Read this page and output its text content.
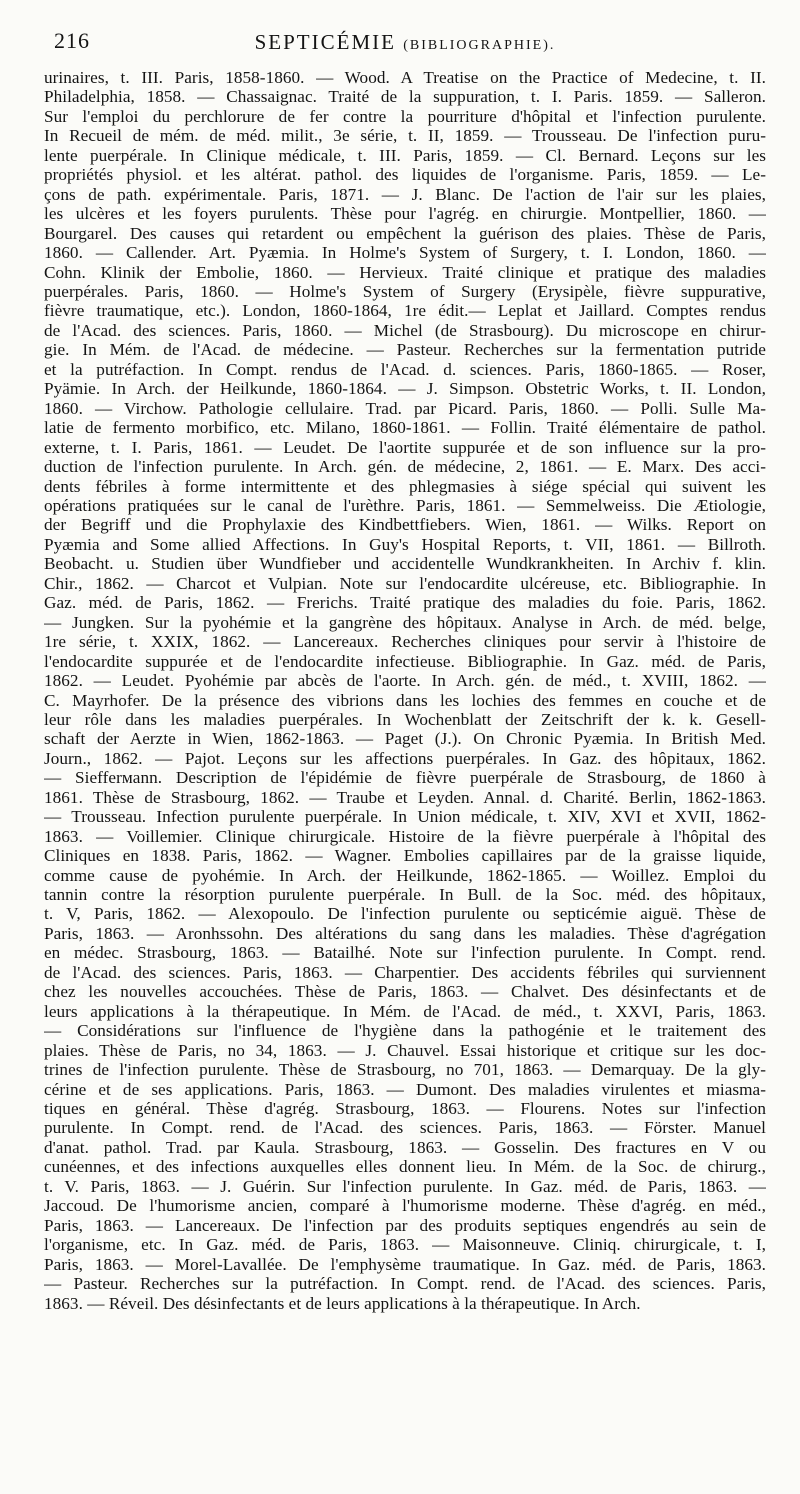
216	SEPTICÉMIE (BIBLIOGRAPHIE).
urinaires, t. III. Paris, 1858-1860. — Wood. A Treatise on the Practice of Medecine, t. II.
Philadelphia, 1858. — Chassaignac. Traité de la suppuration, t. I. Paris. 1859. — Salleron.
Sur l'emploi du perchlorure de fer contre la pourriture d'hôpital et l'infection purulente.
In Recueil de mém. de méd. milit., 3e série, t. II, 1859. — Trousseau. De l'infection puru-
lente puerpérale. In Clinique médicale, t. III. Paris, 1859. — Cl. Bernard. Leçons sur les
propriétés physiol. et les altérat. pathol. des liquides de l'organisme. Paris, 1859. — Le-
çons de path. expérimentale. Paris, 1871. — J. Blanc. De l'action de l'air sur les plaies,
les ulcères et les foyers purulents. Thèse pour l'agrég. en chirurgie. Montpellier, 1860. —
Bourgarel. Des causes qui retardent ou empêchent la guérison des plaies. Thèse de Paris,
1860. — Callender. Art. Pyæmia. In Holme's System of Surgery, t. I. London, 1860. —
Cohn. Klinik der Embolie, 1860. — Hervieux. Traité clinique et pratique des maladies
puerpérales. Paris, 1860. — Holme's System of Surgery (Erysipèle, fièvre suppurative,
fièvre traumatique, etc.). London, 1860-1864, 1re édit.— Leplat et Jaillard. Comptes rendus
de l'Acad. des sciences. Paris, 1860. — Michel (de Strasbourg). Du microscope en chirur-
gie. In Mém. de l'Acad. de médecine. — Pasteur. Recherches sur la fermentation putride
et la putréfaction. In Compt. rendus de l'Acad. d. sciences. Paris, 1860-1865. — Roser,
Pyämie. In Arch. der Heilkunde, 1860-1864. — J. Simpson. Obstetric Works, t. II. London,
1860. — Virchow. Pathologie cellulaire. Trad. par Picard. Paris, 1860. — Polli. Sulle Ma-
latie de fermento morbifico, etc. Milano, 1860-1861. — Follin. Traité élémentaire de pathol.
externe, t. I. Paris, 1861. — Leudet. De l'aortite suppurée et de son influence sur la pro-
duction de l'infection purulente. In Arch. gén. de médecine, 2, 1861. — E. Marx. Des acci-
dents fébriles à forme intermittente et des phlegmasies à siége spécial qui suivent les
opérations pratiquées sur le canal de l'urèthre. Paris, 1861. — Semmelweiss. Die Ætiologie,
der Begriff und die Prophylaxie des Kindbettfiebers. Wien, 1861. — Wilks. Report on
Pyæmia and Some allied Affections. In Guy's Hospital Reports, t. VII, 1861. — Billroth.
Beobacht. u. Studien über Wundfieber und accidentelle Wundkrankheiten. In Archiv f. klin.
Chir., 1862. — Charcot et Vulpian. Note sur l'endocardite ulcéreuse, etc. Bibliographie. In
Gaz. méd. de Paris, 1862. — Frerichs. Traité pratique des maladies du foie. Paris, 1862.
— Jungken. Sur la pyohémie et la gangrène des hôpitaux. Analyse in Arch. de méd. belge,
1re série, t. XXIX, 1862. — Lancereaux. Recherches cliniques pour servir à l'histoire de
l'endocardite suppurée et de l'endocardite infectieuse. Bibliographie. In Gaz. méd. de Paris,
1862. — Leudet. Pyohémie par abcès de l'aorte. In Arch. gén. de méd., t. XVIII, 1862. —
C. Mayrhofer. De la présence des vibrions dans les lochies des femmes en couche et de
leur rôle dans les maladies puerpérales. In Wochenblatt der Zeitschrift der k. k. Gesell-
schaft der Aerzte in Wien, 1862-1863. — Paget (J.). On Chronic Pyæmia. In British Med.
Journ., 1862. — Pajot. Leçons sur les affections puerpérales. In Gaz. des hôpitaux, 1862.
— Siefferмann. Description de l'épidémie de fièvre puerpérale de Strasbourg, de 1860 à
1861. Thèse de Strasbourg, 1862. — Traube et Leyden. Annal. d. Charité. Berlin, 1862-1863.
— Trousseau. Infection purulente puerpérale. In Union médicale, t. XIV, XVI et XVII, 1862-
1863. — Voillemier. Clinique chirurgicale. Histoire de la fièvre puerpérale à l'hôpital des
Cliniques en 1838. Paris, 1862. — Wagner. Embolies capillaires par de la graisse liquide,
comme cause de pyohémie. In Arch. der Heilkunde, 1862-1865. — Woillez. Emploi du
tannin contre la résorption purulente puerpérale. In Bull. de la Soc. méd. des hôpitaux,
t. V, Paris, 1862. — Alexopoulo. De l'infection purulente ou septicémie aiguë. Thèse de
Paris, 1863. — Aronhssohn. Des altérations du sang dans les maladies. Thèse d'agrégation
en médec. Strasbourg, 1863. — Batailhé. Note sur l'infection purulente. In Compt. rend.
de l'Acad. des sciences. Paris, 1863. — Charpentier. Des accidents fébriles qui surviennent
chez les nouvelles accouchées. Thèse de Paris, 1863. — Chalvet. Des désinfectants et de
leurs applications à la thérapeutique. In Mém. de l'Acad. de méd., t. XXVI, Paris, 1863.
— Considérations sur l'influence de l'hygiène dans la pathogénie et le traitement des
plaies. Thèse de Paris, no 34, 1863. — J. Chauvel. Essai historique et critique sur les doc-
trines de l'infection purulente. Thèse de Strasbourg, no 701, 1863. — Demarquay. De la gly-
cérine et de ses applications. Paris, 1863. — Dumont. Des maladies virulentes et miasma-
tiques en général. Thèse d'agrég. Strasbourg, 1863. — Flourens. Notes sur l'infection
purulente. In Compt. rend. de l'Acad. des sciences. Paris, 1863. — Förster. Manuel
d'anat. pathol. Trad. par Kaula. Strasbourg, 1863. — Gosselin. Des fractures en V ou
cunéennes, et des infections auxquelles elles donnent lieu. In Mém. de la Soc. de chirurg.,
t. V. Paris, 1863. — J. Guérin. Sur l'infection purulente. In Gaz. méd. de Paris, 1863. —
Jaccoud. De l'humorisme ancien, comparé à l'humorisme moderne. Thèse d'agrég. en méd.,
Paris, 1863. — Lancereaux. De l'infection par des produits septiques engendrés au sein de
l'organisme, etc. In Gaz. méd. de Paris, 1863. — Maisonneuve. Cliniq. chirurgicale, t. I,
Paris, 1863. — Morel-Lavallée. De l'emphysème traumatique. In Gaz. méd. de Paris, 1863.
— Pasteur. Recherches sur la putréfaction. In Compt. rend. de l'Acad. des sciences. Paris,
1863. — Réveil. Des désinfectants et de leurs applications à la thérapeutique. In Arch.
